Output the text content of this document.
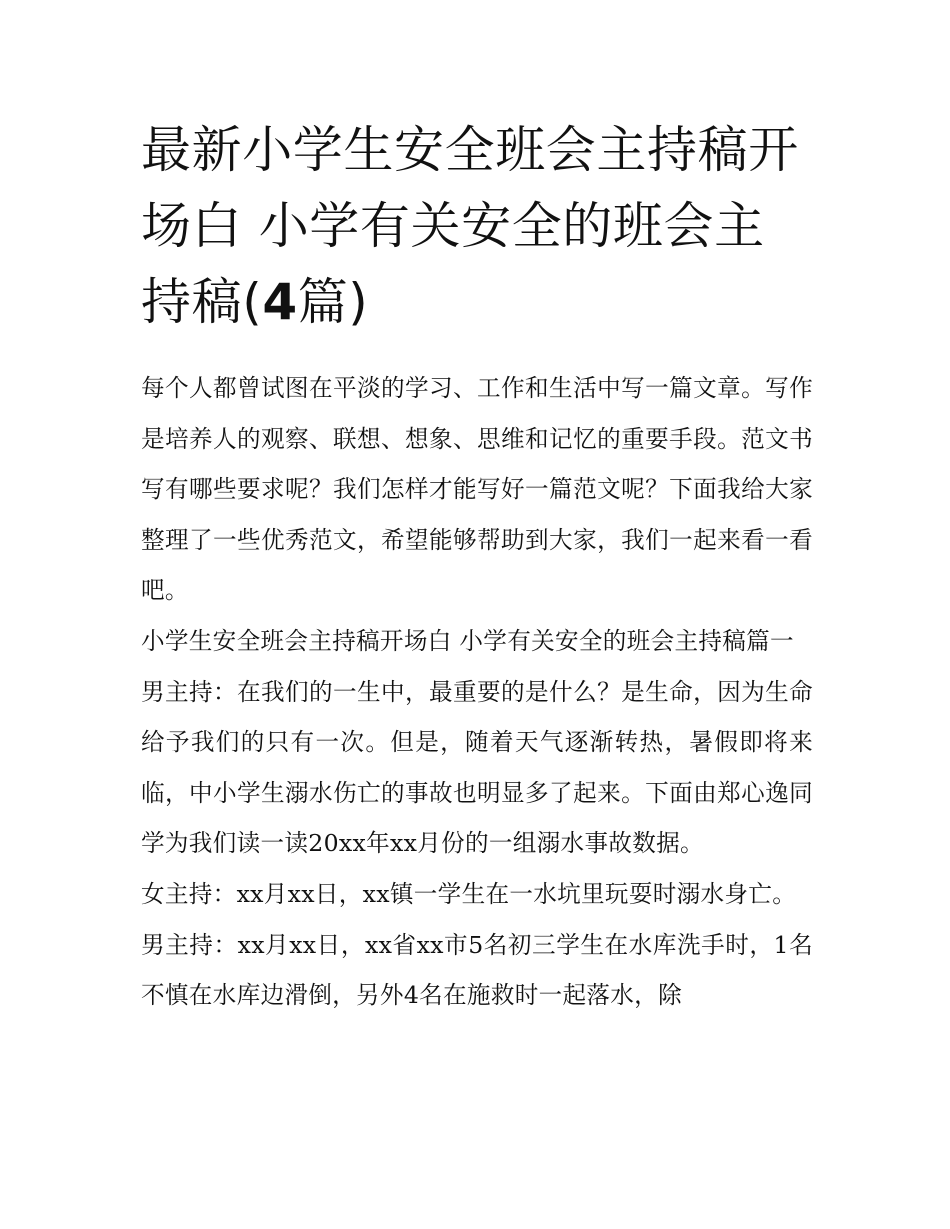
最新小学生安全班会主持稿开场白 小学有关安全的班会主持稿(4篇)

每个人都曾试图在平淡的学习、工作和生活中写一篇文章。写作是培养人的观察、联想、想象、思维和记忆的重要手段。范文书写有哪些要求呢？我们怎样才能写好一篇范文呢？下面我给大家整理了一些优秀范文，希望能够帮助到大家，我们一起来看一看吧。

小学生安全班会主持稿开场白 小学有关安全的班会主持稿篇一

男主持：在我们的一生中，最重要的是什么？是生命，因为生命给予我们的只有一次。但是，随着天气逐渐转热，暑假即将来临，中小学生溺水伤亡的事故也明显多了起来。下面由郑心逸同学为我们读一读20xx年xx月份的一组溺水事故数据。

女主持：xx月xx日，xx镇一学生在一水坑里玩耍时溺水身亡。

男主持：xx月xx日，xx省xx市5名初三学生在水库洗手时，1名不慎在水库边滑倒，另外4名在施救时一起落水，除
